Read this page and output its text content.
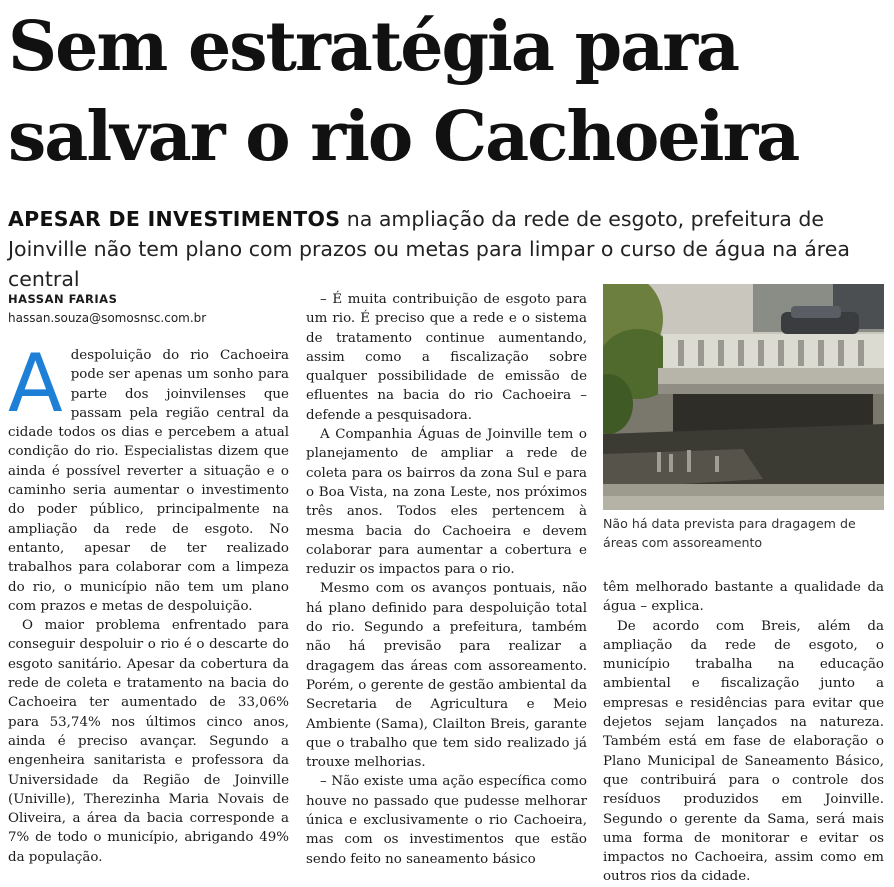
Sem estratégia para
salvar o rio Cachoeira
APESAR DE INVESTIMENTOS na ampliação da rede de esgoto, prefeitura de Joinville não tem plano com prazos ou metas para limpar o curso de água na área central
HASSAN FARIAS
hassan.souza@somosnsc.com.br

A despoluição do rio Cachoeira pode ser apenas um sonho para parte dos joinvilenses que passam pela região central da cidade todos os dias e percebem a atual condição do rio. Especialistas dizem que ainda é possível reverter a situação e o caminho seria aumentar o investimento do poder público, principalmente na ampliação da rede de esgoto. No entanto, apesar de ter realizado trabalhos para colaborar com a limpeza do rio, o município não tem um plano com prazos e metas de despoluição.

O maior problema enfrentado para conseguir despoluir o rio é o descarte do esgoto sanitário. Apesar da cobertura da rede de coleta e tratamento na bacia do Cachoeira ter aumentado de 33,06% para 53,74% nos últimos cinco anos, ainda é preciso avançar. Segundo a engenheira sanitarista e professora da Universidade da Região de Joinville (Univille), Therezinha Maria Novais de Oliveira, a área da bacia corresponde a 7% de todo o município, abrigando 49% da população.

– É muita contribuição de esgoto para um rio. É preciso que a rede e o sistema de tratamento continue aumentando, assim como a fiscalização sobre qualquer possibilidade de emissão de efluentes na bacia do rio Cachoeira – defende a pesquisadora.

A Companhia Águas de Joinville tem o planejamento de ampliar a rede de coleta para os bairros da zona Sul e para o Boa Vista, na zona Leste, nos próximos três anos. Todos eles pertencem à mesma bacia do Cachoeira e devem colaborar para aumentar a cobertura e reduzir os impactos para o rio.

Mesmo com os avanços pontuais, não há plano definido para despoluição total do rio. Segundo a prefeitura, também não há previsão para realizar a dragagem das áreas com assoreamento. Porém, o gerente de gestão ambiental da Secretaria de Agricultura e Meio Ambiente (Sama), Clailton Breis, garante que o trabalho que tem sido realizado já trouxe melhorias.

– Não existe uma ação específica como houve no passado que pudesse melhorar única e exclusivamente o rio Cachoeira, mas com os investimentos que estão sendo feito no saneamento básico

Não há data prevista para dragagem de áreas com assoreamento

têm melhorado bastante a qualidade da água – explica.

De acordo com Breis, além da ampliação da rede de esgoto, o município trabalha na educação ambiental e fiscalização junto a empresas e residências para evitar que dejetos sejam lançados na natureza. Também está em fase de elaboração o Plano Municipal de Saneamento Básico, que contribuirá para o controle dos resíduos produzidos em Joinville. Segundo o gerente da Sama, será mais uma forma de monitorar e evitar os impactos no Cachoeira, assim como em outros rios da cidade.
